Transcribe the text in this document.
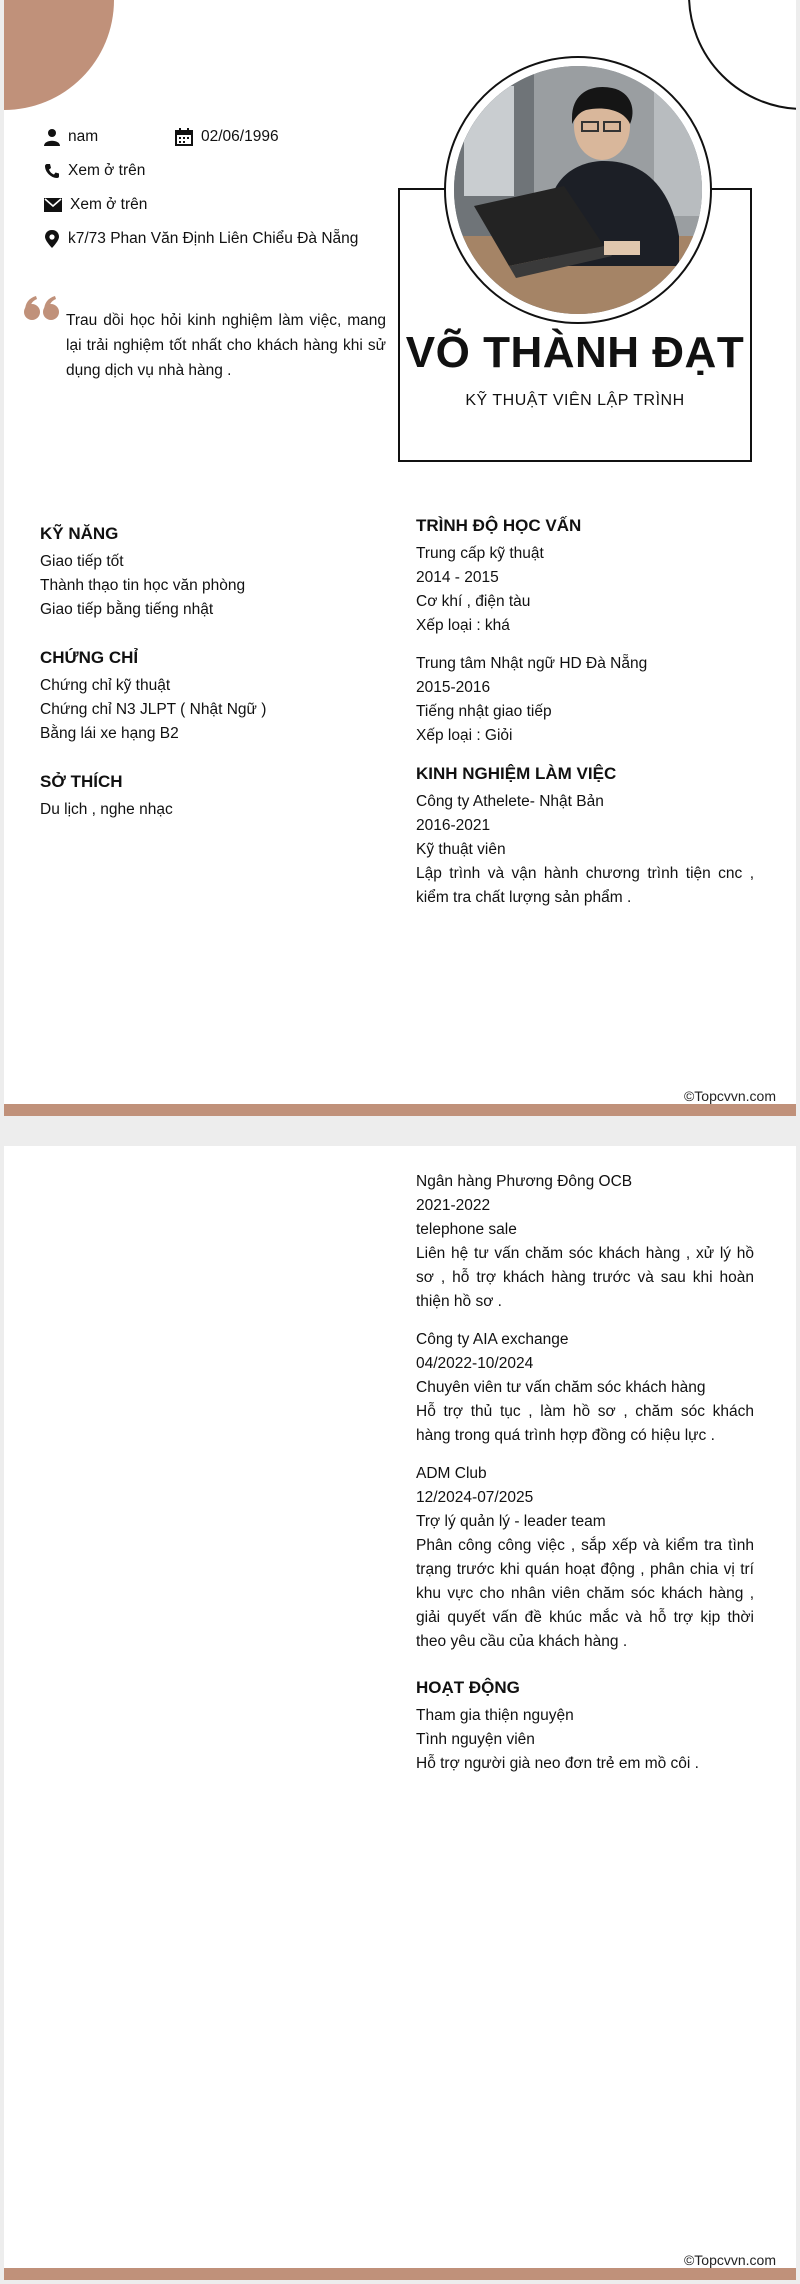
nam	02/06/1996
Xem ở trên
Xem ở trên
k7/73 Phan Văn Định Liên Chiểu Đà Nẵng
Trau dồi học hỏi kinh nghiệm làm việc, mang lại trải nghiệm tốt nhất cho khách hàng khi sử dụng dịch vụ nhà hàng .	VÕ THÀNH ĐẠT
KỸ THUẬT VIÊN LẬP TRÌNH
KỸ NĂNG
Giao tiếp tốt
Thành thạo tin học văn phòng
Giao tiếp bằng tiếng nhật
CHỨNG CHỈ
Chứng chỉ kỹ thuật
Chứng chỉ N3 JLPT ( Nhật Ngữ )
Bằng lái xe hạng B2
SỞ THÍCH
Du lịch , nghe nhạc
TRÌNH ĐỘ HỌC VẤN
Trung cấp kỹ thuật
2014 - 2015
Cơ khí , điện tàu
Xếp loại : khá
Trung tâm Nhật ngữ HD Đà Nẵng
2015-2016
Tiếng nhật giao tiếp
Xếp loại : Giỏi
KINH NGHIỆM LÀM VIỆC
Công ty Athelete- Nhật Bản
2016-2021
Kỹ thuật viên
Lập trình và vận hành chương trình tiện cnc , kiểm tra chất lượng sản phẩm .
©Topcvvn.com
Ngân hàng Phương Đông OCB
2021-2022
telephone sale
Liên hệ tư vấn chăm sóc khách hàng , xử lý hồ sơ , hỗ trợ khách hàng trước và sau khi hoàn thiện hồ sơ .
Công ty AIA exchange
04/2022-10/2024
Chuyên viên tư vấn chăm sóc khách hàng
Hỗ trợ thủ tục , làm hồ sơ , chăm sóc khách hàng trong quá trình hợp đồng có hiệu lực .
ADM Club
12/2024-07/2025
Trợ lý quản lý - leader team
Phân công công việc , sắp xếp và kiểm tra tình trạng trước khi quán hoạt động , phân chia vị trí khu vực cho nhân viên chăm sóc khách hàng , giải quyết vấn đề khúc mắc và hỗ trợ kịp thời theo yêu cầu của khách hàng .
HOẠT ĐỘNG
Tham gia thiện nguyện
Tình nguyện viên
Hỗ trợ người già neo đơn trẻ em mồ côi .
©Topcvvn.com
